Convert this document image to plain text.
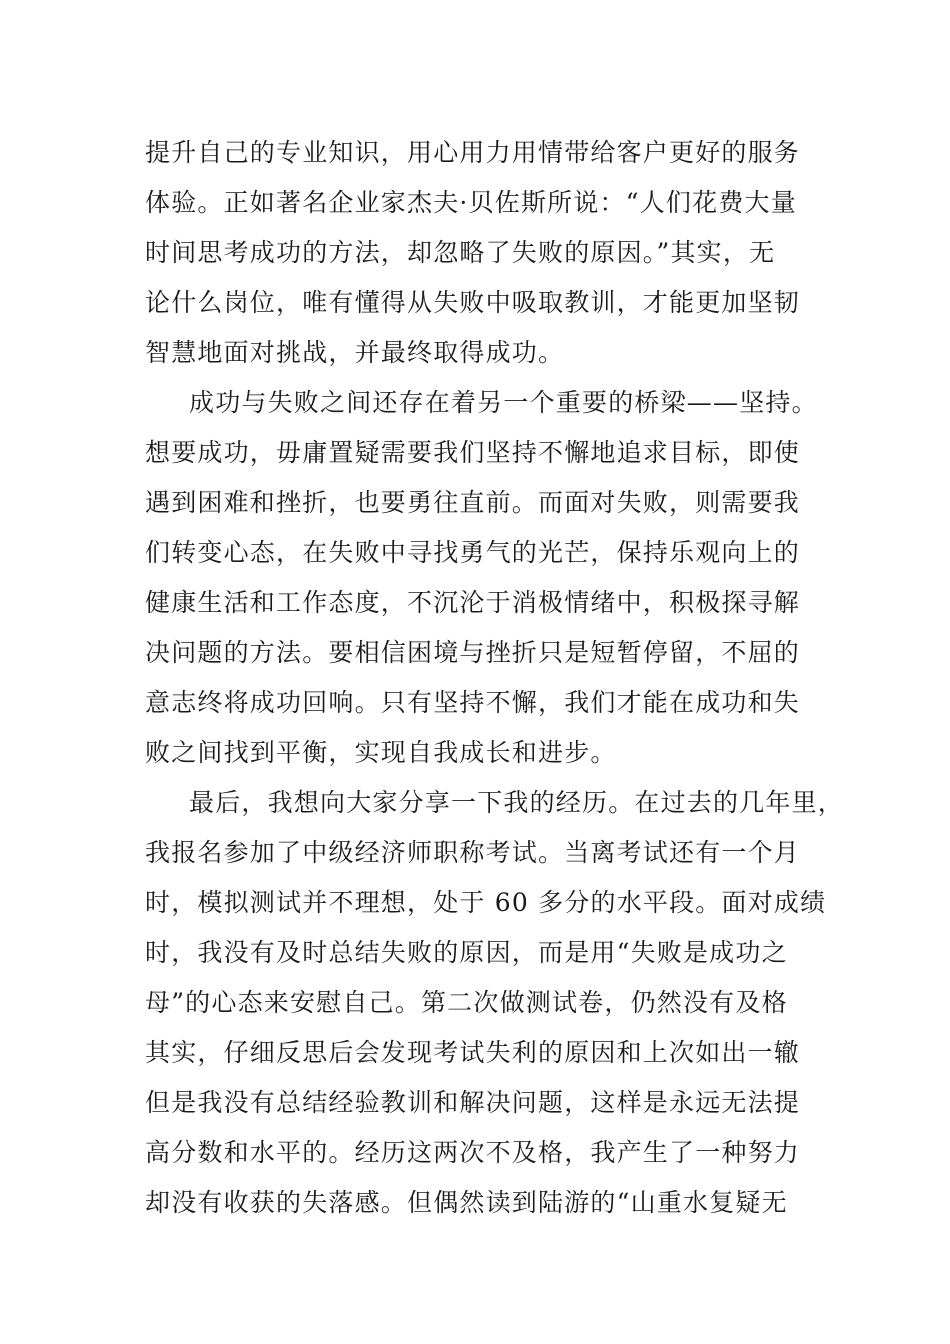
提升自己的专业知识，用心用力用情带给客户更好的服务
体验。正如著名企业家杰夫·贝佐斯所说：“人们花费大量
时间思考成功的方法，却忽略了失败的原因。”其实，无
论什么岗位，唯有懂得从失败中吸取教训，才能更加坚韧
智慧地面对挑战，并最终取得成功。
成功与失败之间还存在着另一个重要的桥梁——坚持。
想要成功，毋庸置疑需要我们坚持不懈地追求目标，即使
遇到困难和挫折，也要勇往直前。而面对失败，则需要我
们转变心态，在失败中寻找勇气的光芒，保持乐观向上的
健康生活和工作态度，不沉沦于消极情绪中，积极探寻解
决问题的方法。要相信困境与挫折只是短暂停留，不屈的
意志终将成功回响。只有坚持不懈，我们才能在成功和失
败之间找到平衡，实现自我成长和进步。
最后，我想向大家分享一下我的经历。在过去的几年里，
我报名参加了中级经济师职称考试。当离考试还有一个月
时，模拟测试并不理想，处于 60 多分的水平段。面对成绩
时，我没有及时总结失败的原因，而是用“失败是成功之
母”的心态来安慰自己。第二次做测试卷，仍然没有及格
其实，仔细反思后会发现考试失利的原因和上次如出一辙
但是我没有总结经验教训和解决问题，这样是永远无法提
高分数和水平的。经历这两次不及格，我产生了一种努力
却没有收获的失落感。但偶然读到陆游的“山重水复疑无
